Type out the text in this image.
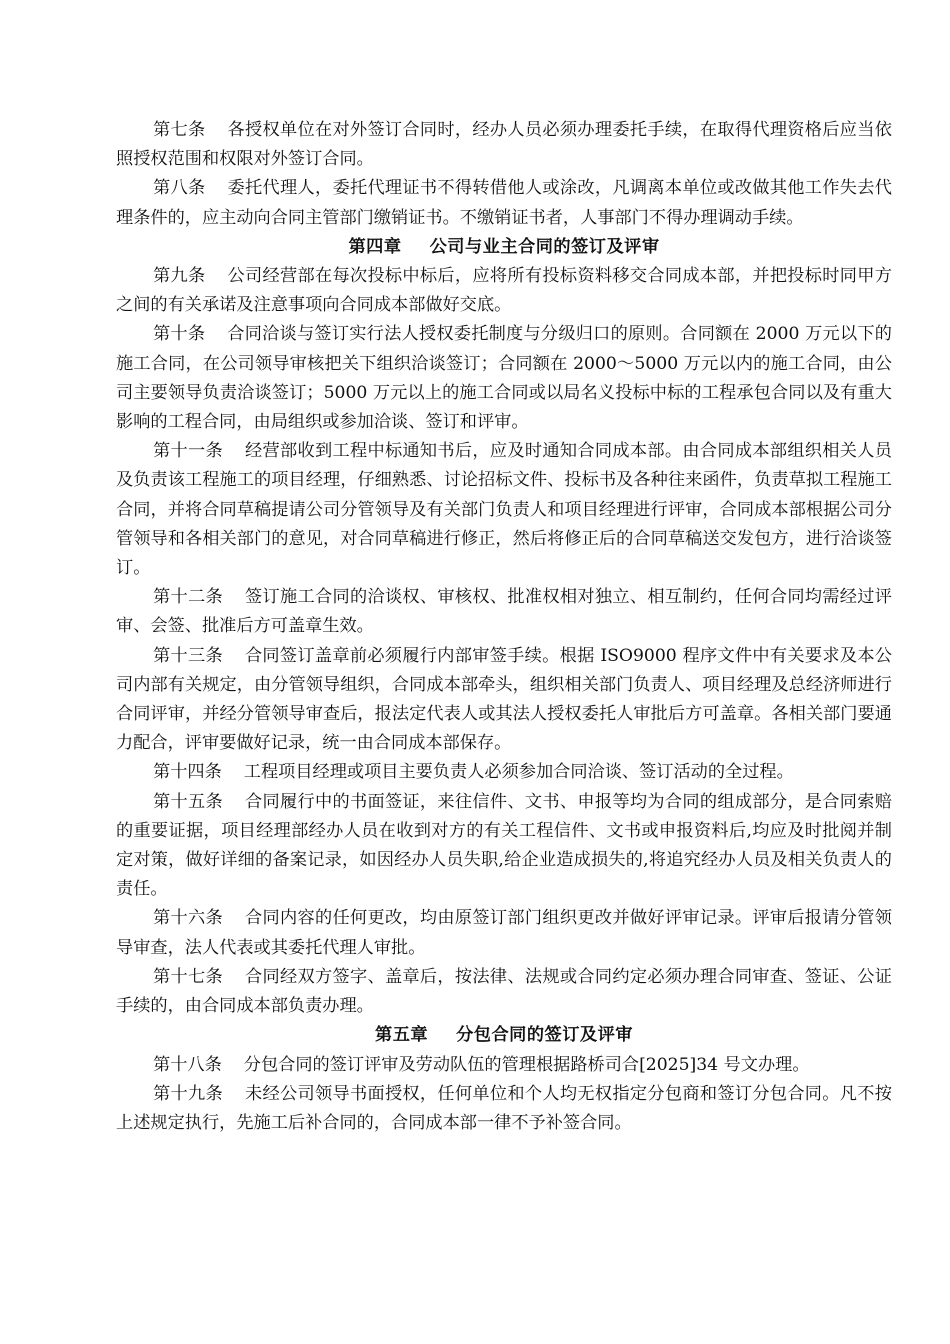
第七条 各授权单位在对外签订合同时，经办人员必须办理委托手续，在取得代理资格后应当依照授权范围和权限对外签订合同。

第八条 委托代理人，委托代理证书不得转借他人或涂改，凡调离本单位或改做其他工作失去代理条件的，应主动向合同主管部门缴销证书。不缴销证书者，人事部门不得办理调动手续。

第四章 公司与业主合同的签订及评审

第九条 公司经营部在每次投标中标后，应将所有投标资料移交合同成本部，并把投标时同甲方之间的有关承诺及注意事项向合同成本部做好交底。

第十条 合同洽谈与签订实行法人授权委托制度与分级归口的原则。合同额在 2000 万元以下的施工合同，在公司领导审核把关下组织洽谈签订；合同额在 2000～5000 万元以内的施工合同，由公司主要领导负责洽谈签订；5000 万元以上的施工合同或以局名义投标中标的工程承包合同以及有重大影响的工程合同，由局组织或参加洽谈、签订和评审。

第十一条 经营部收到工程中标通知书后，应及时通知合同成本部。由合同成本部组织相关人员及负责该工程施工的项目经理，仔细熟悉、讨论招标文件、投标书及各种往来函件，负责草拟工程施工合同，并将合同草稿提请公司分管领导及有关部门负责人和项目经理进行评审，合同成本部根据公司分管领导和各相关部门的意见，对合同草稿进行修正，然后将修正后的合同草稿送交发包方，进行洽谈签订。

第十二条 签订施工合同的洽谈权、审核权、批准权相对独立、相互制约，任何合同均需经过评审、会签、批准后方可盖章生效。

第十三条 合同签订盖章前必须履行内部审签手续。根据 ISO9000 程序文件中有关要求及本公司内部有关规定，由分管领导组织，合同成本部牵头，组织相关部门负责人、项目经理及总经济师进行合同评审，并经分管领导审查后，报法定代表人或其法人授权委托人审批后方可盖章。各相关部门要通力配合，评审要做好记录，统一由合同成本部保存。

第十四条 工程项目经理或项目主要负责人必须参加合同洽谈、签订活动的全过程。

第十五条 合同履行中的书面签证，来往信件、文书、申报等均为合同的组成部分，是合同索赔的重要证据，项目经理部经办人员在收到对方的有关工程信件、文书或申报资料后,均应及时批阅并制定对策，做好详细的备案记录，如因经办人员失职,给企业造成损失的,将追究经办人员及相关负责人的责任。

第十六条 合同内容的任何更改，均由原签订部门组织更改并做好评审记录。评审后报请分管领导审查，法人代表或其委托代理人审批。

第十七条 合同经双方签字、盖章后，按法律、法规或合同约定必须办理合同审查、签证、公证手续的，由合同成本部负责办理。

第五章 分包合同的签订及评审

第十八条 分包合同的签订评审及劳动队伍的管理根据路桥司合[2025]34 号文办理。

第十九条 未经公司领导书面授权，任何单位和个人均无权指定分包商和签订分包合同。凡不按上述规定执行，先施工后补合同的，合同成本部一律不予补签合同。
